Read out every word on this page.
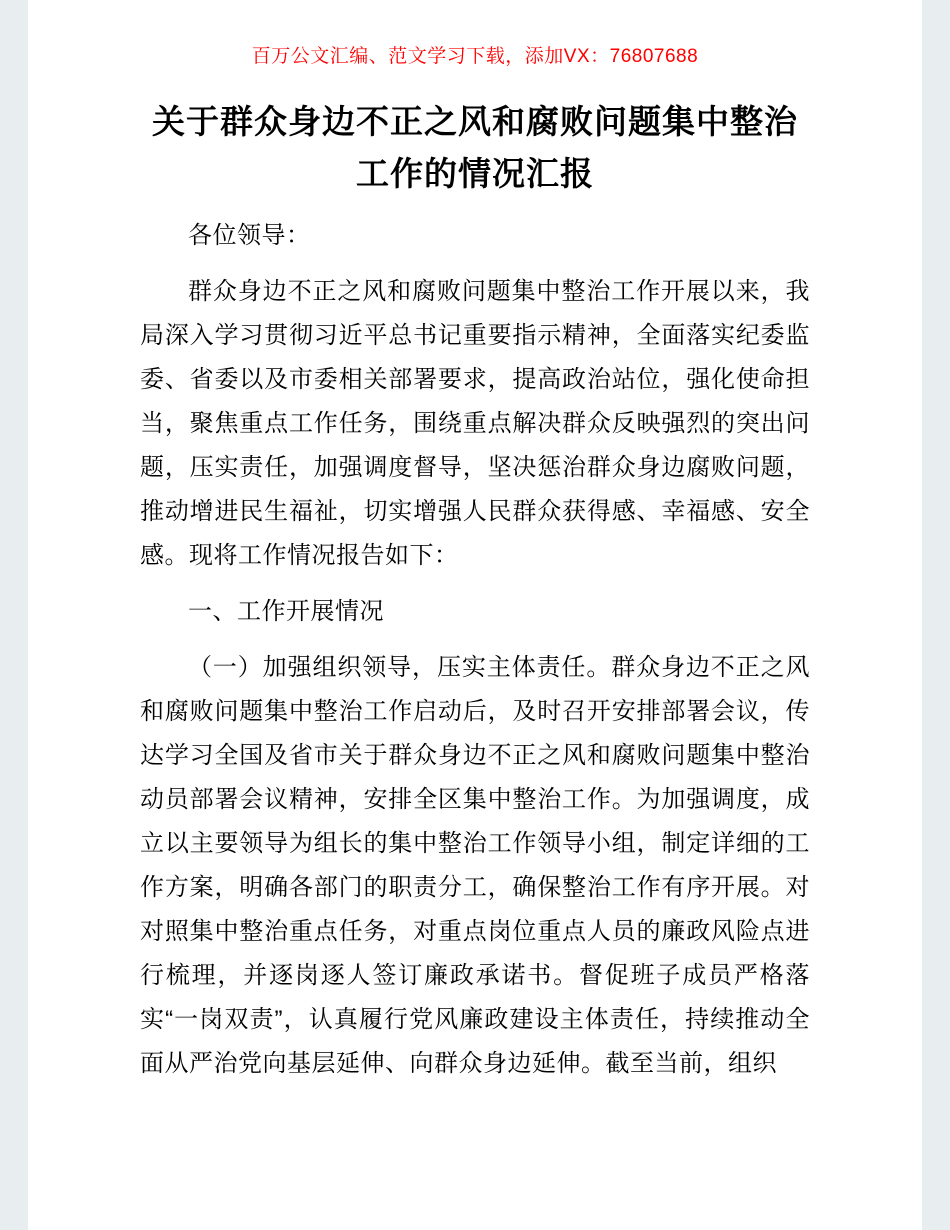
百万公文汇编、范文学习下载，添加VX：76807688
关于群众身边不正之风和腐败问题集中整治工作的情况汇报

各位领导：

群众身边不正之风和腐败问题集中整治工作开展以来，我局深入学习贯彻习近平总书记重要指示精神，全面落实纪委监委、省委以及市委相关部署要求，提高政治站位，强化使命担当，聚焦重点工作任务，围绕重点解决群众反映强烈的突出问题，压实责任，加强调度督导，坚决惩治群众身边腐败问题，推动增进民生福祉，切实增强人民群众获得感、幸福感、安全感。现将工作情况报告如下：

一、工作开展情况

（一）加强组织领导，压实主体责任。群众身边不正之风和腐败问题集中整治工作启动后，及时召开安排部署会议，传达学习全国及省市关于群众身边不正之风和腐败问题集中整治动员部署会议精神，安排全区集中整治工作。为加强调度，成立以主要领导为组长的集中整治工作领导小组，制定详细的工作方案，明确各部门的职责分工，确保整治工作有序开展。对对照集中整治重点任务，对重点岗位重点人员的廉政风险点进行梳理，并逐岗逐人签订廉政承诺书。督促班子成员严格落实“一岗双责”，认真履行党风廉政建设主体责任，持续推动全面从严治党向基层延伸、向群众身边延伸。截至当前，组织
